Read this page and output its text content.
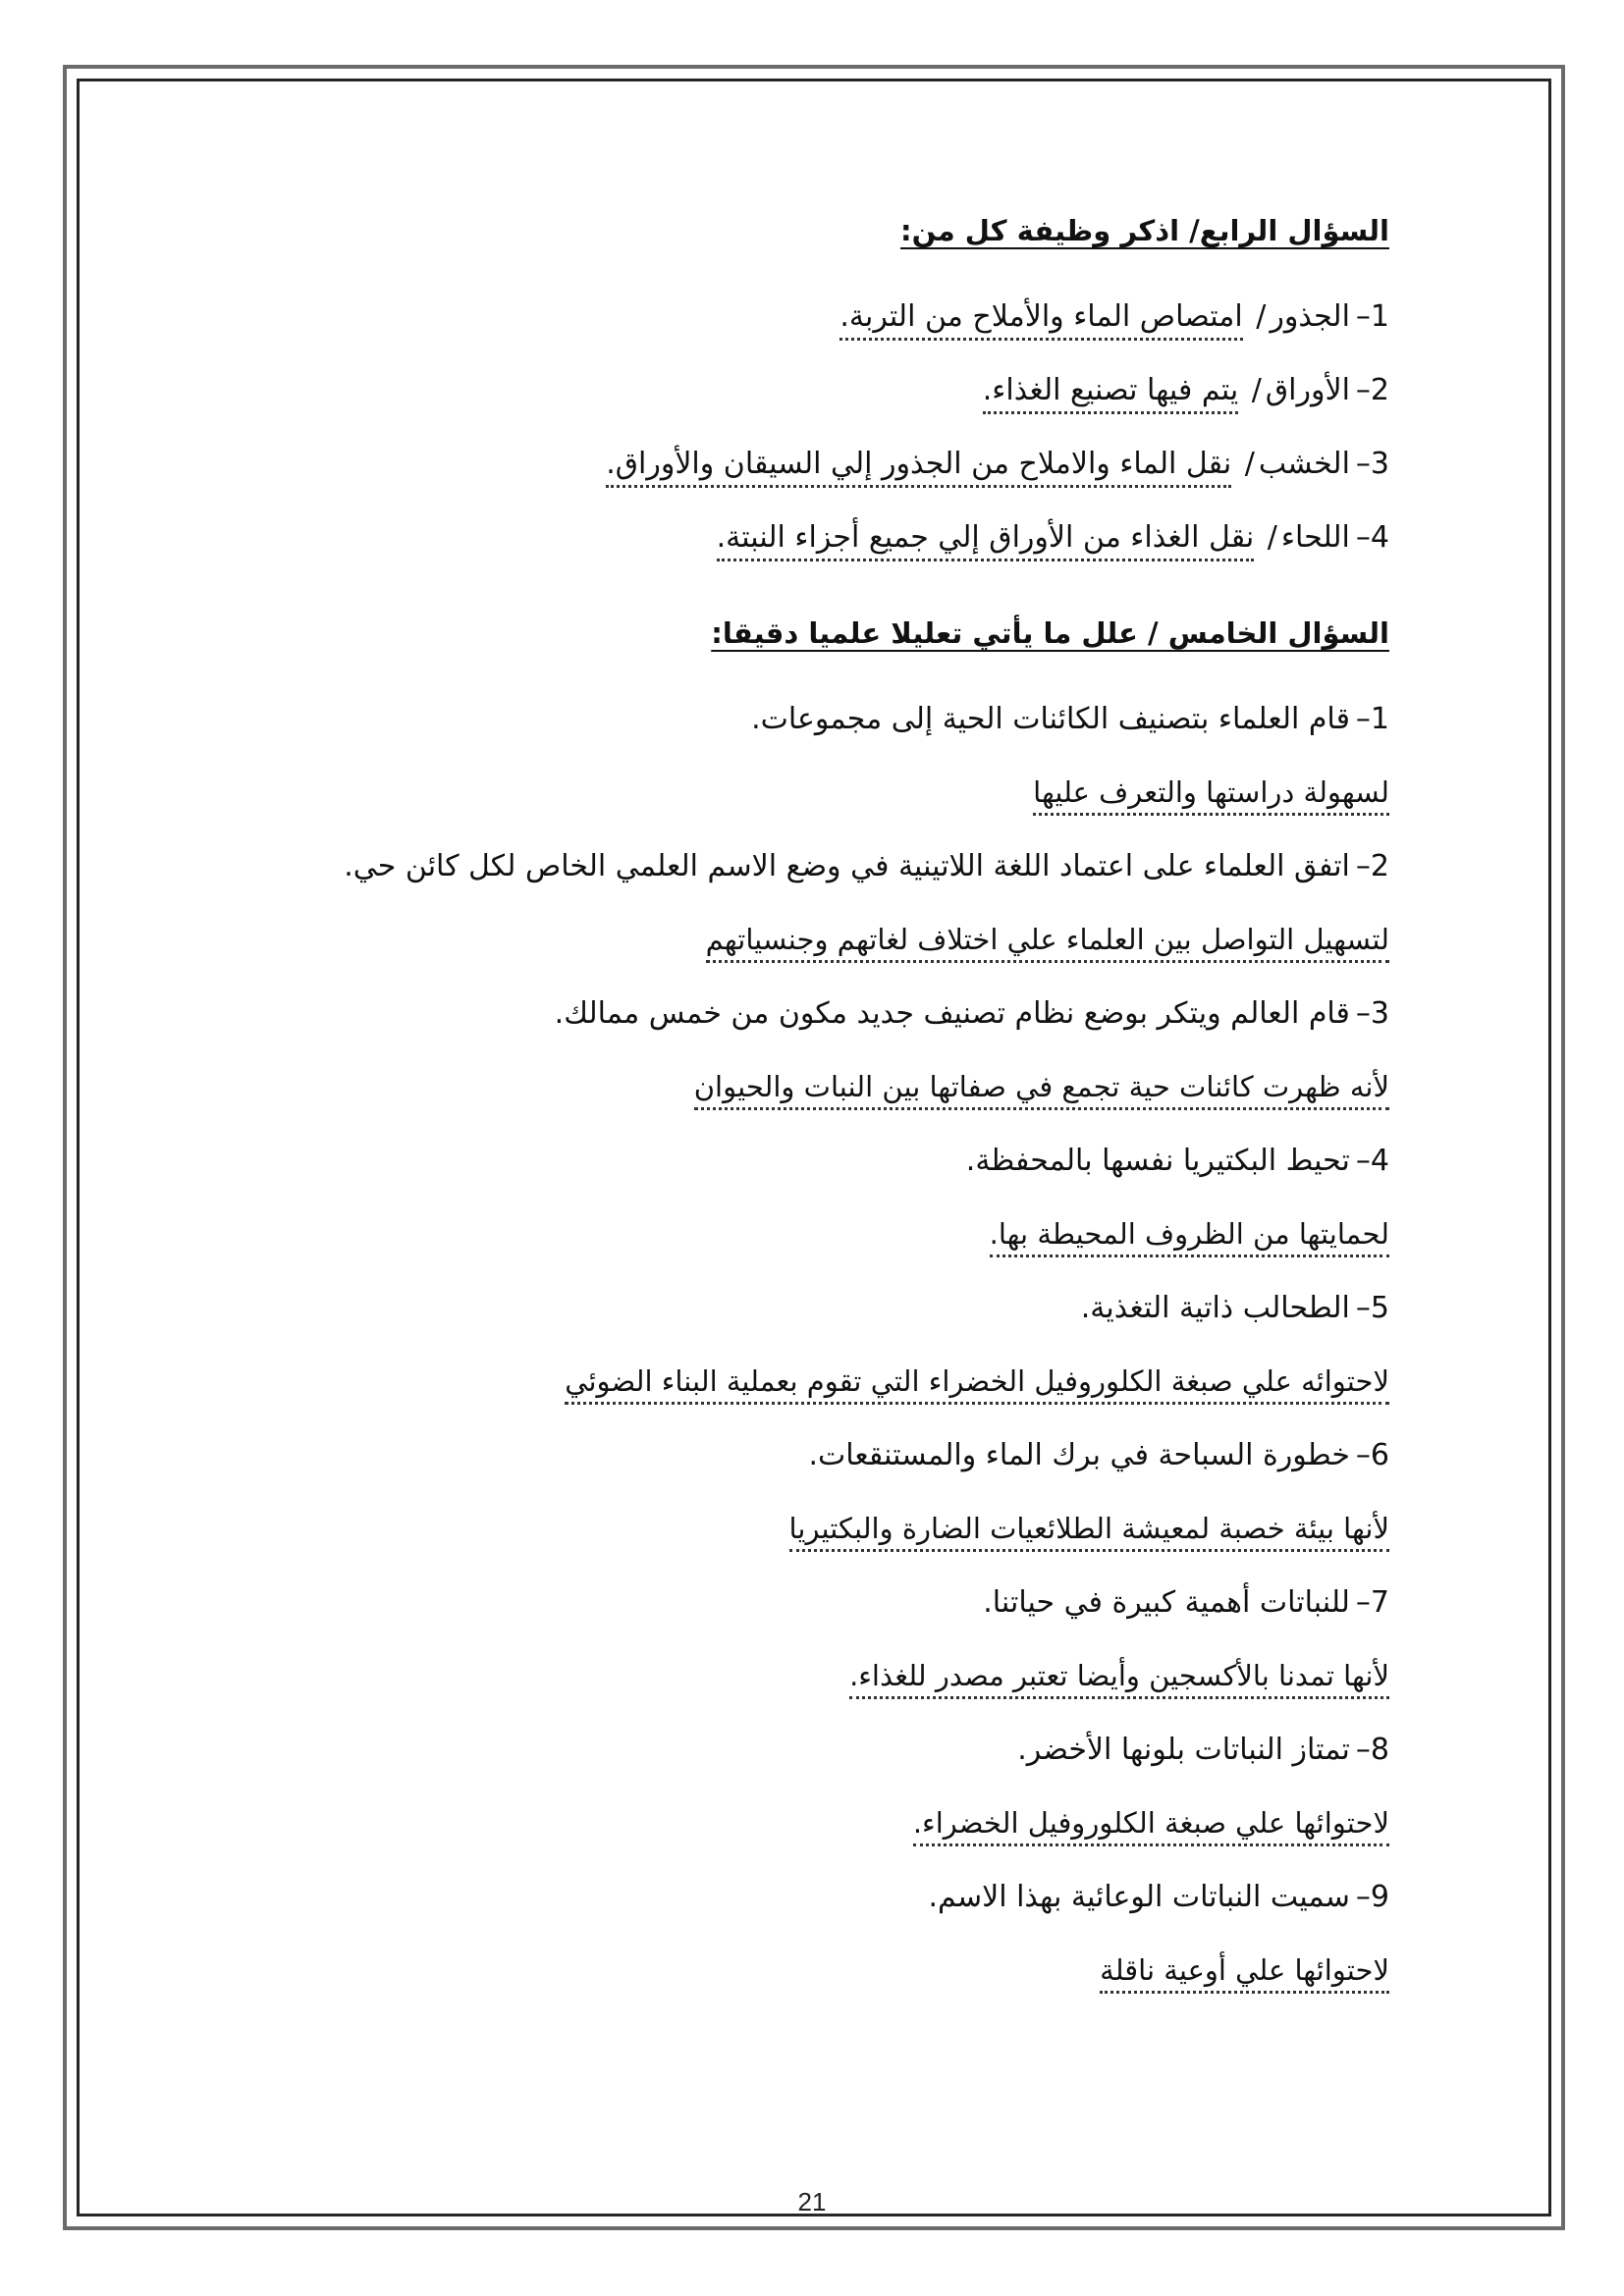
السؤال الرابع/ اذكر وظيفة كل من:
1–الجذور/ امتصاص الماء والأملاح من التربة.
2–الأوراق/ يتم فيها تصنيع الغذاء.
3–الخشب/ نقل الماء والاملاح من الجذور إلي السيقان والأوراق.
4–اللحاء/ نقل الغذاء من الأوراق إلي جميع أجزاء النبتة.
السؤال الخامس / علل ما يأتي تعليلا علميا دقيقا:
1–قام العلماء بتصنيف الكائنات الحية إلى مجموعات.
لسهولة دراستها والتعرف عليها
2–اتفق العلماء على اعتماد اللغة اللاتينية في وضع الاسم العلمي الخاص لكل كائن حي.
لتسهيل التواصل بين العلماء علي اختلاف لغاتهم وجنسياتهم
3–قام العالم ويتكر بوضع نظام تصنيف جديد مكون من خمس ممالك.
لأنه ظهرت كائنات حية تجمع في صفاتها بين النبات والحيوان
4–تحيط البكتيريا نفسها بالمحفظة.
لحمايتها من الظروف المحيطة بها.
5–الطحالب ذاتية التغذية.
لاحتوائه علي صبغة الكلوروفيل الخضراء التي تقوم بعملية البناء الضوئي
6–خطورة السباحة في برك الماء والمستنقعات.
لأنها بيئة خصبة لمعيشة الطلائعيات الضارة والبكتيريا
7–للنباتات أهمية كبيرة في حياتنا.
لأنها تمدنا بالأكسجين وأيضا تعتبر مصدر للغذاء.
8–تمتاز النباتات بلونها الأخضر.
لاحتوائها علي صبغة الكلوروفيل الخضراء.
9–سميت النباتات الوعائية بهذا الاسم.
لاحتوائها علي أوعية ناقلة
21
